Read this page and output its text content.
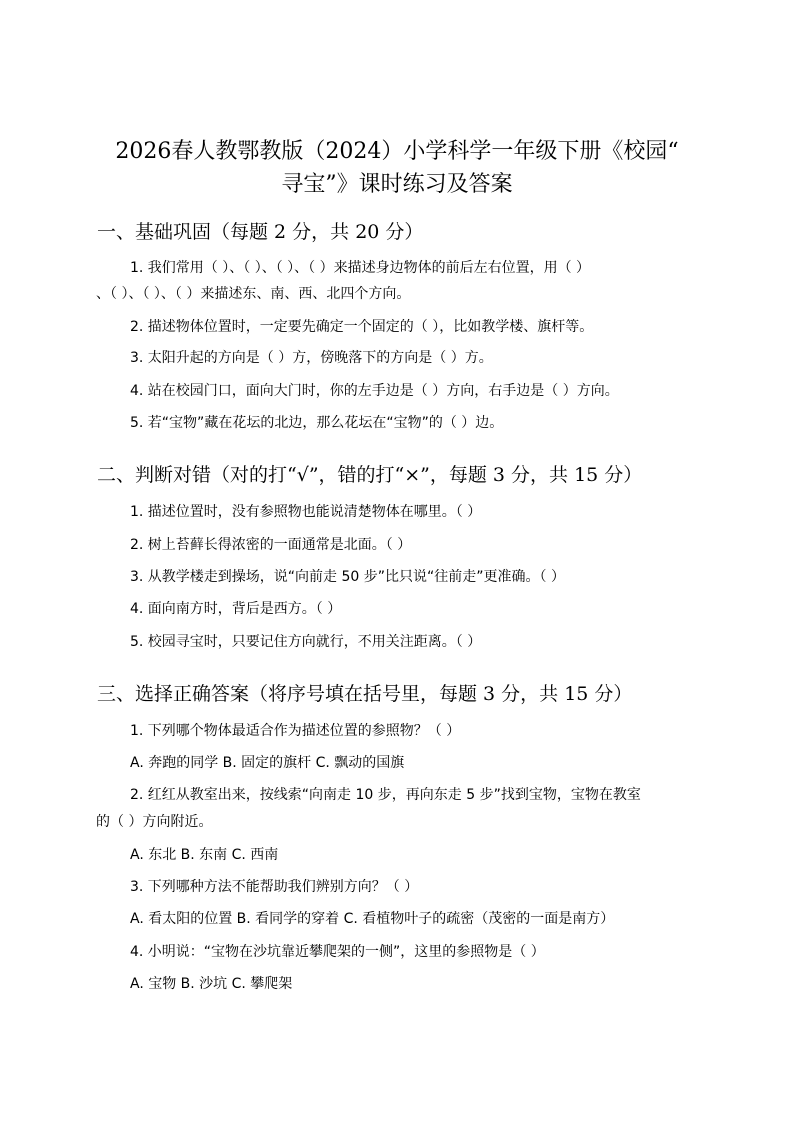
2026春人教鄂教版（2024）小学科学一年级下册《校园“
寻宝”》课时练习及答案
一、基础巩固（每题 2 分，共 20 分）

1. 我们常用（ ）、（ ）、（ ）、（ ）来描述身边物体的前后左右位置，用（ ）

、（ ）、（ ）、（ ）来描述东、南、西、北四个方向。

2. 描述物体位置时，一定要先确定一个固定的（ ），比如教学楼、旗杆等。

3. 太阳升起的方向是（ ）方，傍晚落下的方向是（ ）方。

4. 站在校园门口，面向大门时，你的左手边是（ ）方向，右手边是（ ）方向。

5. 若“宝物”藏在花坛的北边，那么花坛在“宝物”的（ ）边。

二、判断对错（对的打“√”，错的打“×”，每题 3 分，共 15 分）

1. 描述位置时，没有参照物也能说清楚物体在哪里。（ ）

2. 树上苔藓长得浓密的一面通常是北面。（ ）

3. 从教学楼走到操场，说“向前走 50 步”比只说“往前走”更准确。（ ）

4. 面向南方时，背后是西方。（ ）

5. 校园寻宝时，只要记住方向就行，不用关注距离。（ ）

三、选择正确答案（将序号填在括号里，每题 3 分，共 15 分）

1. 下列哪个物体最适合作为描述位置的参照物？（ ）

A. 奔跑的同学 B. 固定的旗杆 C. 飘动的国旗

2. 红红从教室出来，按线索“向南走 10 步，再向东走 5 步”找到宝物，宝物在教室

的（ ）方向附近。

A. 东北 B. 东南 C. 西南

3. 下列哪种方法不能帮助我们辨别方向？（ ）

A. 看太阳的位置 B. 看同学的穿着 C. 看植物叶子的疏密（茂密的一面是南方）

4. 小明说：“宝物在沙坑靠近攀爬架的一侧”，这里的参照物是（ ）

A. 宝物 B. 沙坑 C. 攀爬架
